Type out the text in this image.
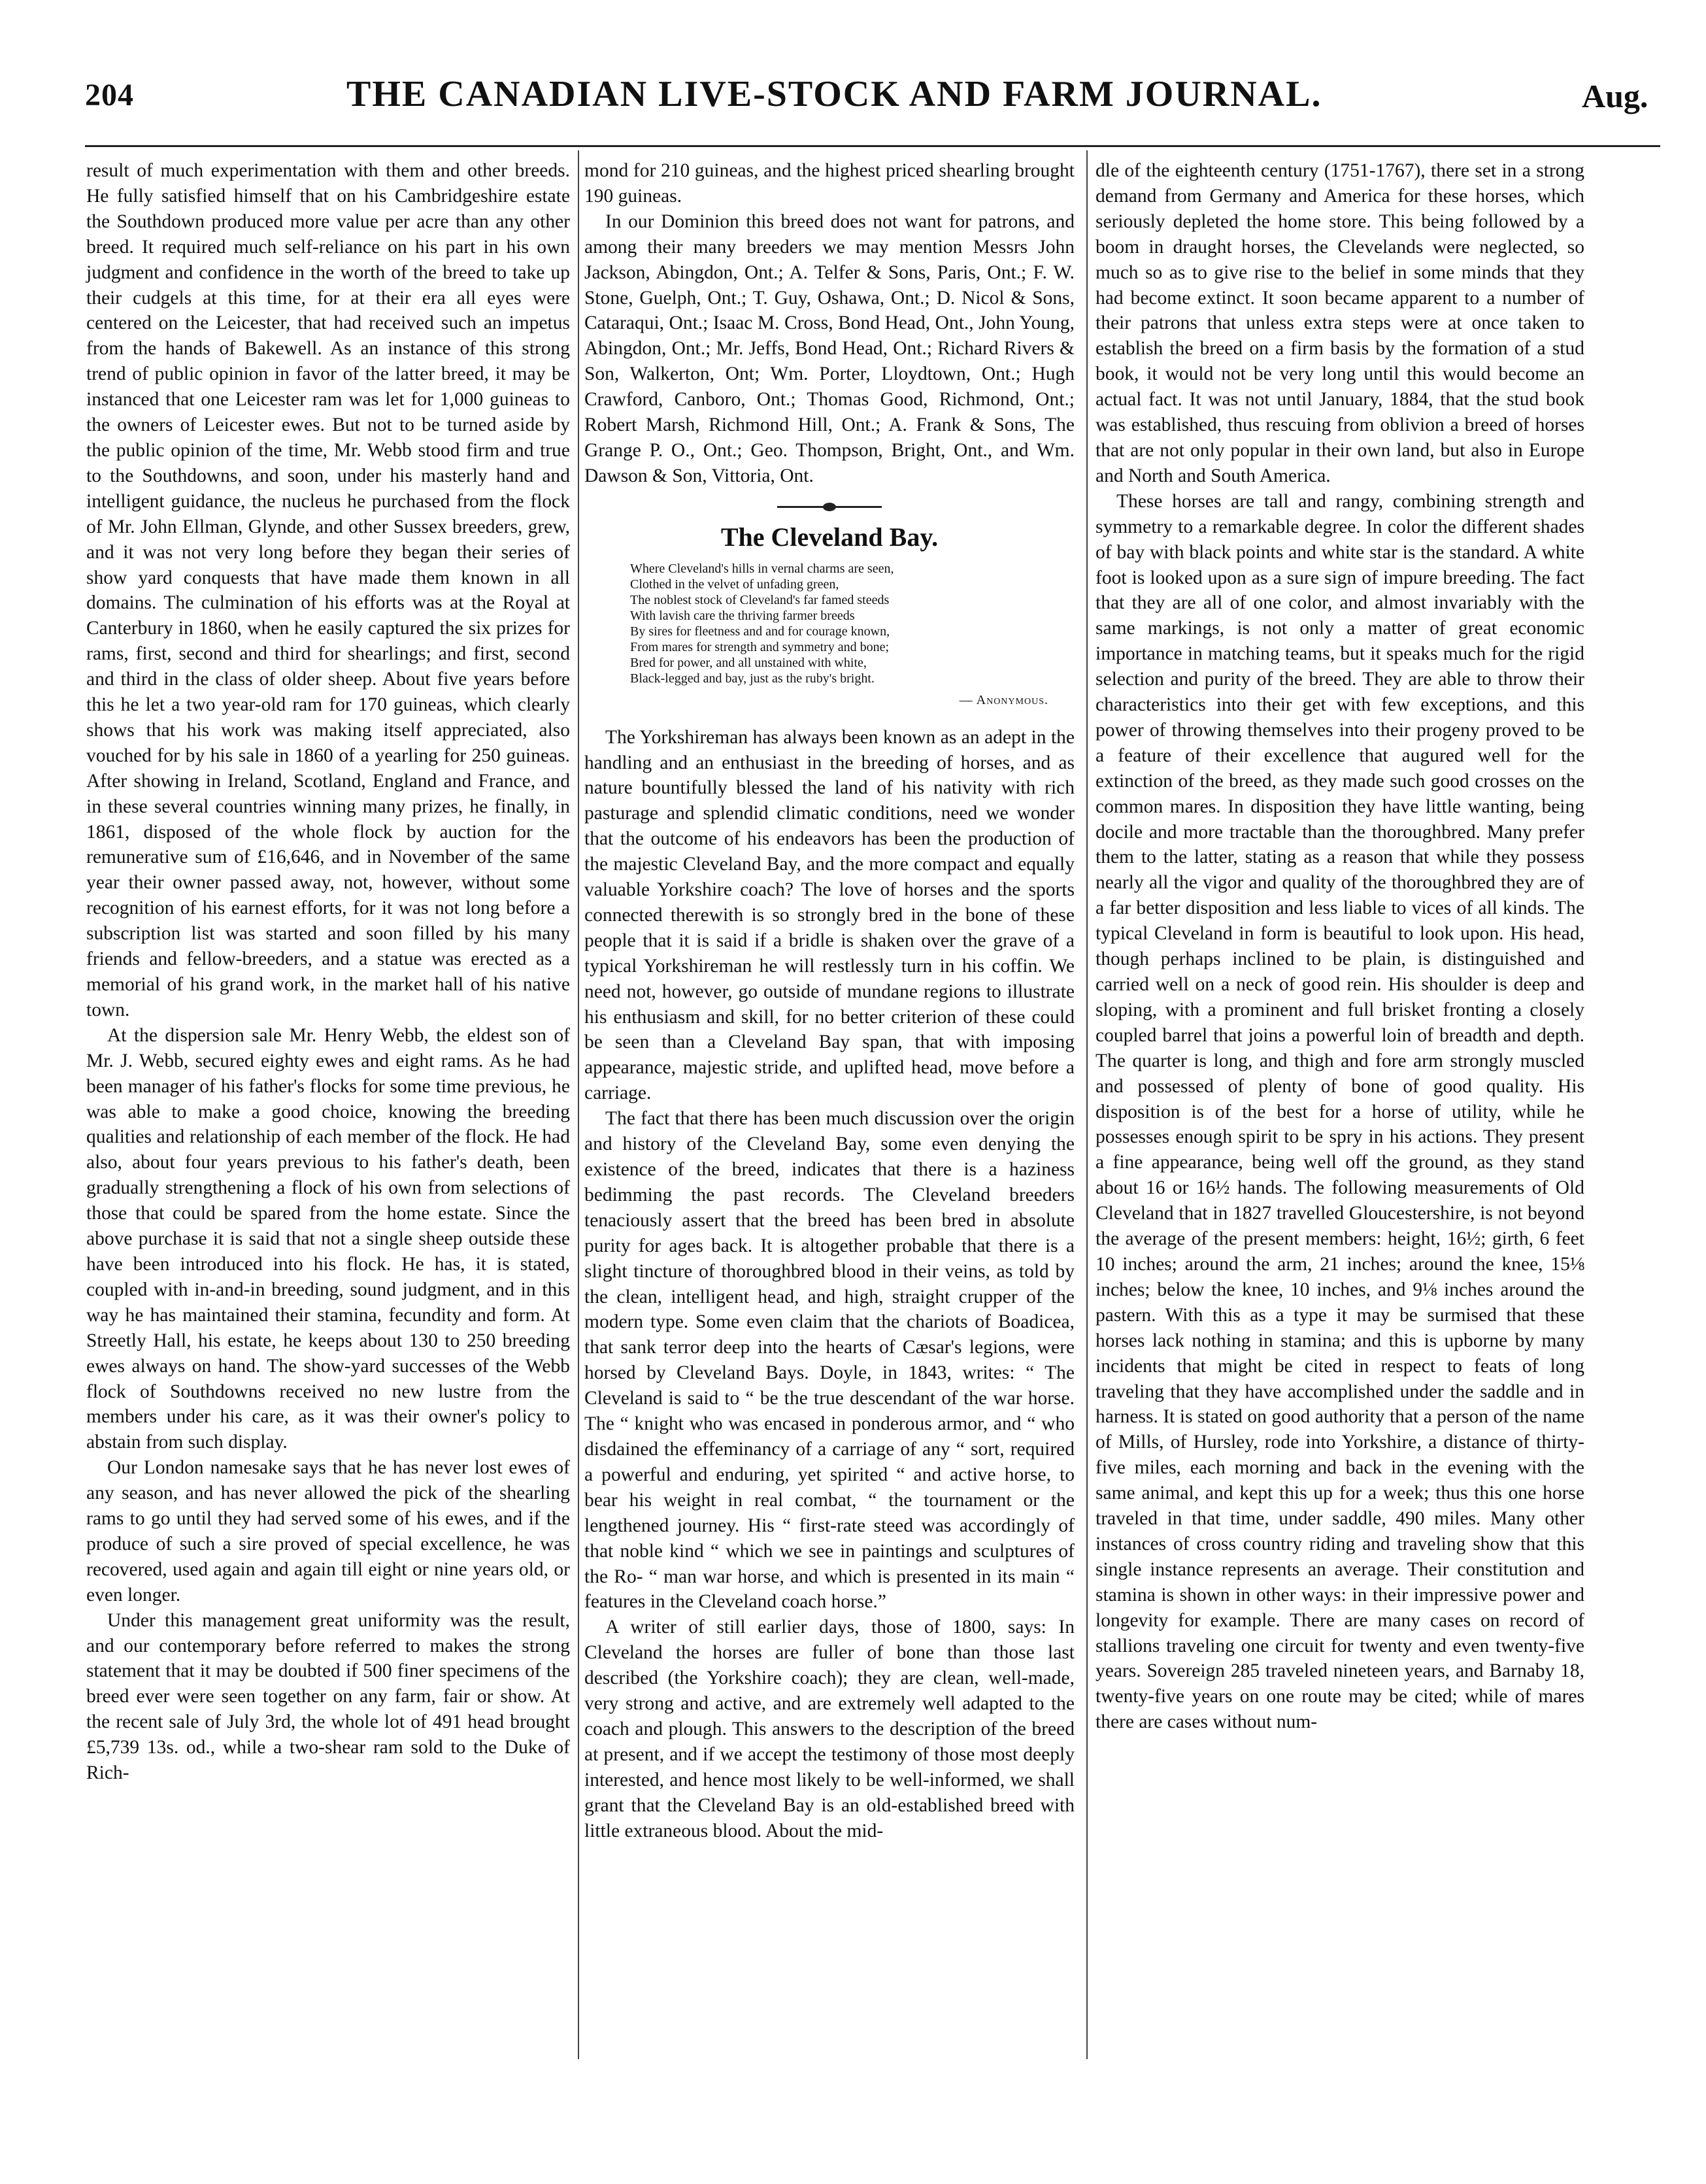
204	THE CANADIAN LIVE-STOCK AND FARM JOURNAL.	Aug.

result of much experimentation with them and other breeds. He fully satisfied himself that on his Cambridgeshire estate the Southdown produced more value per acre than any other breed. It required much self-reliance on his part in his own judgment and confidence in the worth of the breed to take up their cudgels at this time, for at their era all eyes were centered on the Leicester, that had received such an impetus from the hands of Bakewell. As an instance of this strong trend of public opinion in favor of the latter breed, it may be instanced that one Leicester ram was let for 1,000 guineas to the owners of Leicester ewes. But not to be turned aside by the public opinion of the time, Mr. Webb stood firm and true to the Southdowns, and soon, under his masterly hand and intelligent guidance, the nucleus he purchased from the flock of Mr. John Ellman, Glynde, and other Sussex breeders, grew, and it was not very long before they began their series of show yard conquests that have made them known in all domains. The culmination of his efforts was at the Royal at Canterbury in 1860, when he easily captured the six prizes for rams, first, second and third for shearlings; and first, second and third in the class of older sheep. About five years before this he let a two year-old ram for 170 guineas, which clearly shows that his work was making itself appreciated, also vouched for by his sale in 1860 of a yearling for 250 guineas. After showing in Ireland, Scotland, England and France, and in these several countries winning many prizes, he finally, in 1861, disposed of the whole flock by auction for the remunerative sum of £16,646, and in November of the same year their owner passed away, not, however, without some recognition of his earnest efforts, for it was not long before a subscription list was started and soon filled by his many friends and fellow-breeders, and a statue was erected as a memorial of his grand work, in the market hall of his native town.

At the dispersion sale Mr. Henry Webb, the eldest son of Mr. J. Webb, secured eighty ewes and eight rams. As he had been manager of his father's flocks for some time previous, he was able to make a good choice, knowing the breeding qualities and relationship of each member of the flock. He had also, about four years previous to his father's death, been gradually strengthening a flock of his own from selections of those that could be spared from the home estate. Since the above purchase it is said that not a single sheep outside these have been introduced into his flock. He has, it is stated, coupled with in-and-in breeding, sound judgment, and in this way he has maintained their stamina, fecundity and form. At Streetly Hall, his estate, he keeps about 130 to 250 breeding ewes always on hand. The show-yard successes of the Webb flock of Southdowns received no new lustre from the members under his care, as it was their owner's policy to abstain from such display.

Our London namesake says that he has never lost ewes of any season, and has never allowed the pick of the shearling rams to go until they had served some of his ewes, and if the produce of such a sire proved of special excellence, he was recovered, used again and again till eight or nine years old, or even longer.

Under this management great uniformity was the result, and our contemporary before referred to makes the strong statement that it may be doubted if 500 finer specimens of the breed ever were seen together on any farm, fair or show. At the recent sale of July 3rd, the whole lot of 491 head brought £5,739 13s. od., while a two-shear ram sold to the Duke of Rich-

mond for 210 guineas, and the highest priced shearling brought 190 guineas.

In our Dominion this breed does not want for patrons, and among their many breeders we may mention Messrs John Jackson, Abingdon, Ont.; A. Telfer & Sons, Paris, Ont.; F. W. Stone, Guelph, Ont.; T. Guy, Oshawa, Ont.; D. Nicol & Sons, Cataraqui, Ont.; Isaac M. Cross, Bond Head, Ont., John Young, Abingdon, Ont.; Mr. Jeffs, Bond Head, Ont.; Richard Rivers & Son, Walkerton, Ont; Wm. Porter, Lloydtown, Ont.; Hugh Crawford, Canboro, Ont.; Thomas Good, Richmond, Ont.; Robert Marsh, Richmond Hill, Ont.; A. Frank & Sons, The Grange P. O., Ont.; Geo. Thompson, Bright, Ont., and Wm. Dawson & Son, Vittoria, Ont.

The Cleveland Bay.
Where Cleveland's hills in vernal charms are seen,
Clothed in the velvet of unfading green,
The noblest stock of Cleveland's far famed steeds
With lavish care the thriving farmer breeds
By sires for fleetness and and for courage known,
From mares for strength and symmetry and bone;
Bred for power, and all unstained with white,
Black-legged and bay, just as the ruby's bright.
— Anonymous.

The Yorkshireman has always been known as an adept in the handling and an enthusiast in the breeding of horses, and as nature bountifully blessed the land of his nativity with rich pasturage and splendid climatic conditions, need we wonder that the outcome of his endeavors has been the production of the majestic Cleveland Bay, and the more compact and equally valuable Yorkshire coach? The love of horses and the sports connected therewith is so strongly bred in the bone of these people that it is said if a bridle is shaken over the grave of a typical Yorkshireman he will restlessly turn in his coffin. We need not, however, go outside of mundane regions to illustrate his enthusiasm and skill, for no better criterion of these could be seen than a Cleveland Bay span, that with imposing appearance, majestic stride, and uplifted head, move before a carriage.

The fact that there has been much discussion over the origin and history of the Cleveland Bay, some even denying the existence of the breed, indicates that there is a haziness bedimming the past records. The Cleveland breeders tenaciously assert that the breed has been bred in absolute purity for ages back. It is altogether probable that there is a slight tincture of thoroughbred blood in their veins, as told by the clean, intelligent head, and high, straight crupper of the modern type. Some even claim that the chariots of Boadicea, that sank terror deep into the hearts of Cæsar's legions, were horsed by Cleveland Bays. Doyle, in 1843, writes: “ The Cleveland is said to “ be the true descendant of the war horse. The “ knight who was encased in ponderous armor, and “ who disdained the effeminancy of a carriage of any “ sort, required a powerful and enduring, yet spirited “ and active horse, to bear his weight in real combat, “ the tournament or the lengthened journey. His “ first-rate steed was accordingly of that noble kind “ which we see in paintings and sculptures of the Ro- “ man war horse, and which is presented in its main “ features in the Cleveland coach horse.”

A writer of still earlier days, those of 1800, says: In Cleveland the horses are fuller of bone than those last described (the Yorkshire coach); they are clean, well-made, very strong and active, and are extremely well adapted to the coach and plough. This answers to the description of the breed at present, and if we accept the testimony of those most deeply interested, and hence most likely to be well-informed, we shall grant that the Cleveland Bay is an old-established breed with little extraneous blood. About the mid-

dle of the eighteenth century (1751-1767), there set in a strong demand from Germany and America for these horses, which seriously depleted the home store. This being followed by a boom in draught horses, the Clevelands were neglected, so much so as to give rise to the belief in some minds that they had become extinct. It soon became apparent to a number of their patrons that unless extra steps were at once taken to establish the breed on a firm basis by the formation of a stud book, it would not be very long until this would become an actual fact. It was not until January, 1884, that the stud book was established, thus rescuing from oblivion a breed of horses that are not only popular in their own land, but also in Europe and North and South America.

These horses are tall and rangy, combining strength and symmetry to a remarkable degree. In color the different shades of bay with black points and white star is the standard. A white foot is looked upon as a sure sign of impure breeding. The fact that they are all of one color, and almost invariably with the same markings, is not only a matter of great economic importance in matching teams, but it speaks much for the rigid selection and purity of the breed. They are able to throw their characteristics into their get with few exceptions, and this power of throwing themselves into their progeny proved to be a feature of their excellence that augured well for the extinction of the breed, as they made such good crosses on the common mares. In disposition they have little wanting, being docile and more tractable than the thoroughbred. Many prefer them to the latter, stating as a reason that while they possess nearly all the vigor and quality of the thoroughbred they are of a far better disposition and less liable to vices of all kinds. The typical Cleveland in form is beautiful to look upon. His head, though perhaps inclined to be plain, is distinguished and carried well on a neck of good rein. His shoulder is deep and sloping, with a prominent and full brisket fronting a closely coupled barrel that joins a powerful loin of breadth and depth. The quarter is long, and thigh and fore arm strongly muscled and possessed of plenty of bone of good quality. His disposition is of the best for a horse of utility, while he possesses enough spirit to be spry in his actions. They present a fine appearance, being well off the ground, as they stand about 16 or 16½ hands. The following measurements of Old Cleveland that in 1827 travelled Gloucestershire, is not beyond the average of the present members: height, 16½; girth, 6 feet 10 inches; around the arm, 21 inches; around the knee, 15⅛ inches; below the knee, 10 inches, and 9⅛ inches around the pastern. With this as a type it may be surmised that these horses lack nothing in stamina; and this is upborne by many incidents that might be cited in respect to feats of long traveling that they have accomplished under the saddle and in harness. It is stated on good authority that a person of the name of Mills, of Hursley, rode into Yorkshire, a distance of thirty-five miles, each morning and back in the evening with the same animal, and kept this up for a week; thus this one horse traveled in that time, under saddle, 490 miles. Many other instances of cross country riding and traveling show that this single instance represents an average. Their constitution and stamina is shown in other ways: in their impressive power and longevity for example. There are many cases on record of stallions traveling one circuit for twenty and even twenty-five years. Sovereign 285 traveled nineteen years, and Barnaby 18, twenty-five years on one route may be cited; while of mares there are cases without num-
